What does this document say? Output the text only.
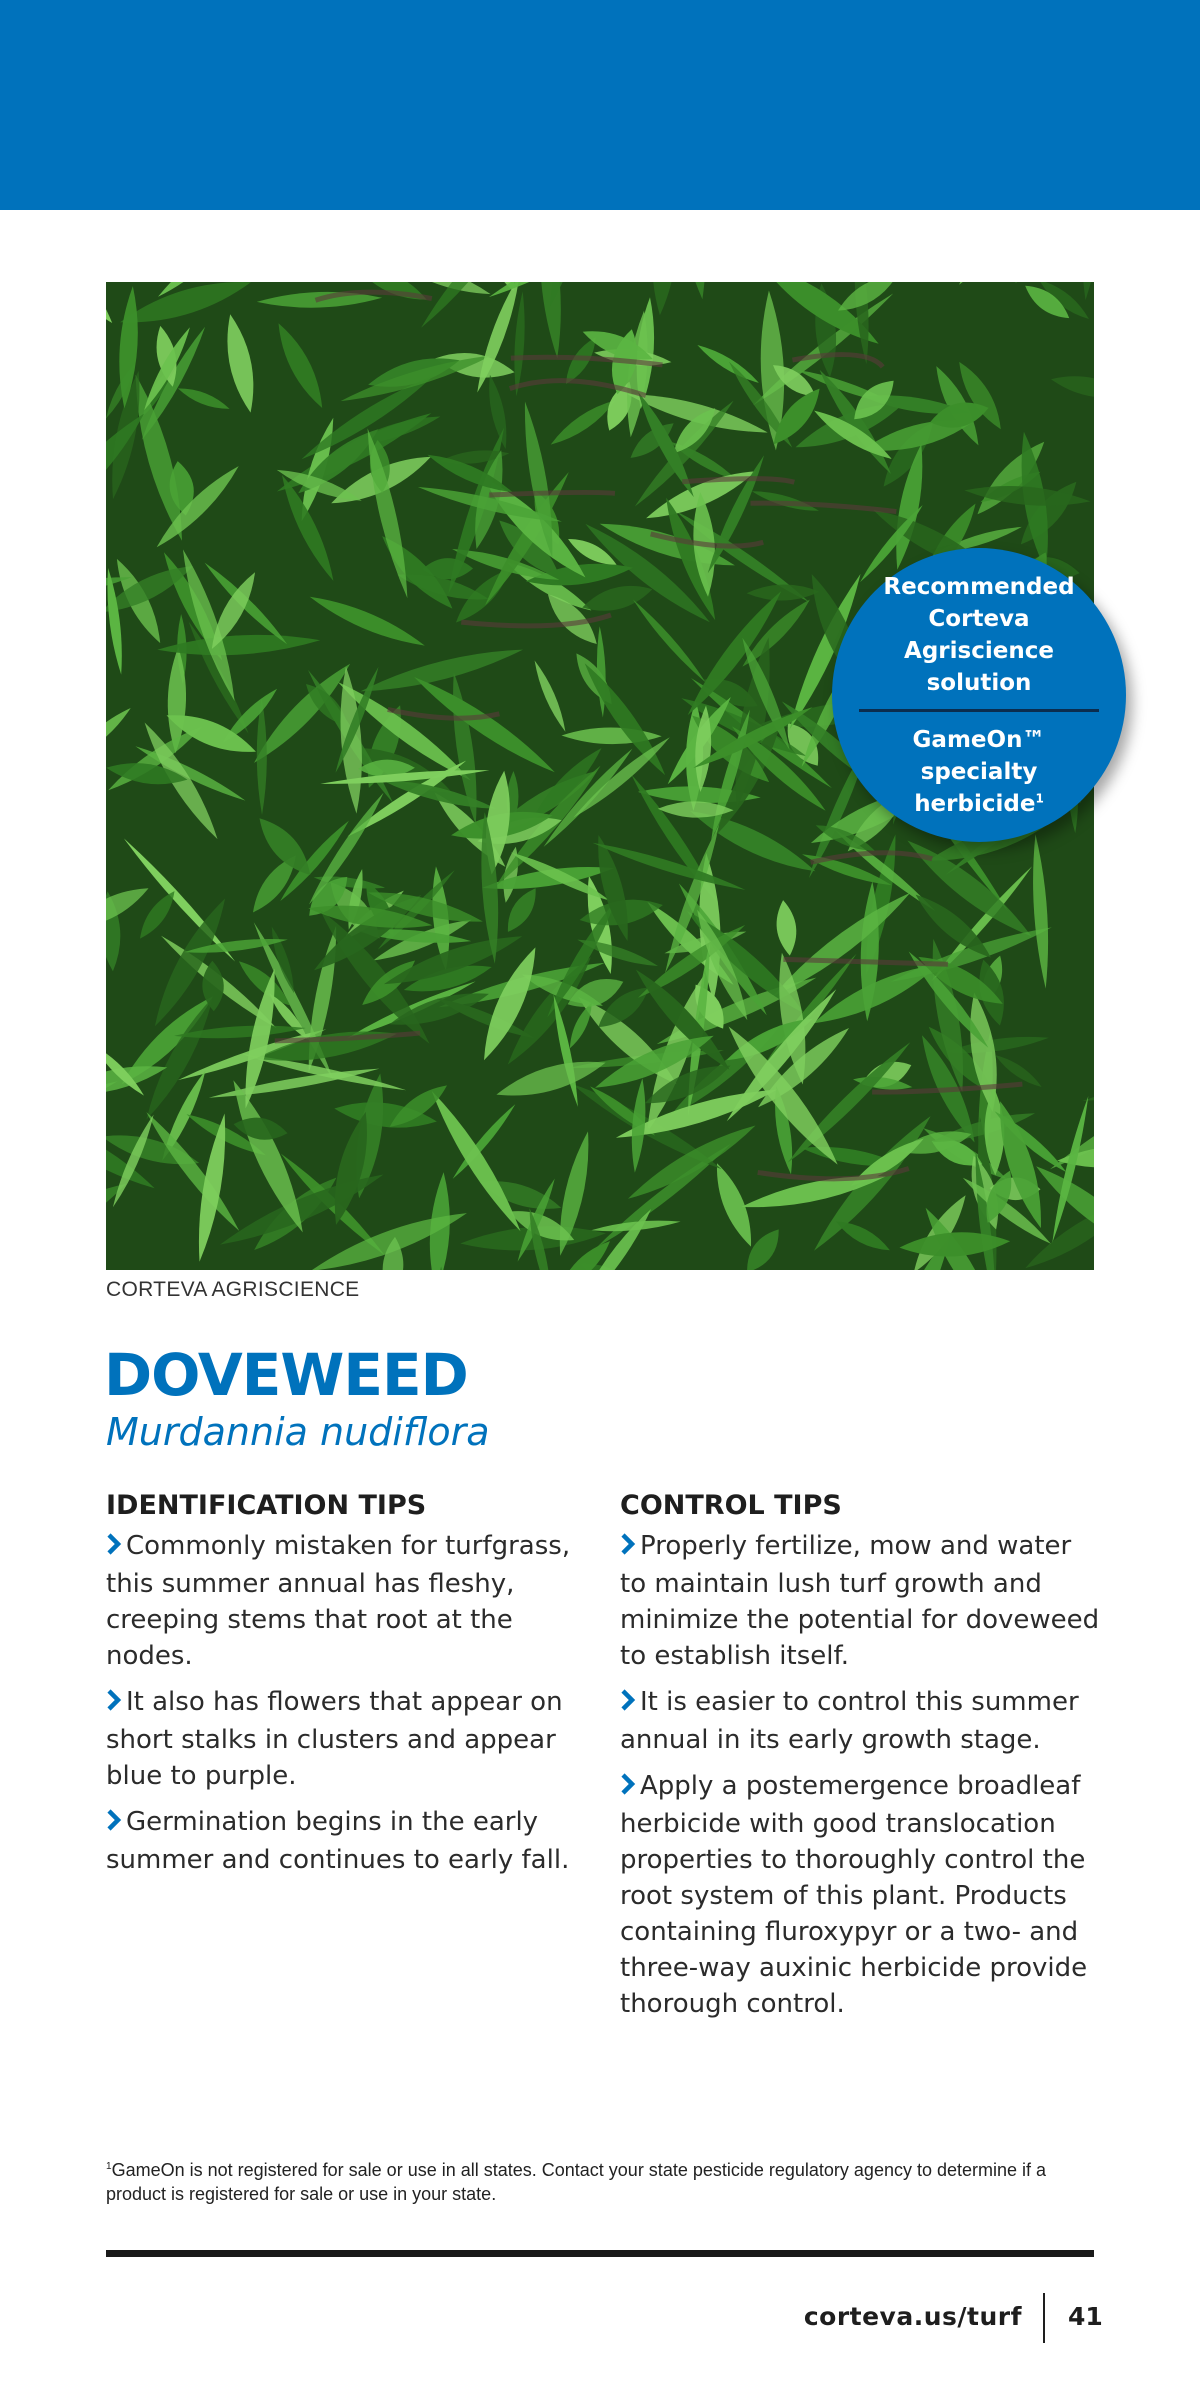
Recommended Corteva Agriscience solution
GameOn™ specialty herbicide$^1$
CORTEVA AGRISCIENCE
DOVEWEED
Murdannia nudiflora
IDENTIFICATION TIPS

Commonly mistaken for turfgrass, this summer annual has fleshy, creeping stems that root at the nodes.

It also has flowers that appear on short stalks in clusters and appear blue to purple.

Germination begins in the early summer and continues to early fall.

CONTROL TIPS

Properly fertilize, mow and water to maintain lush turf growth and minimize the potential for doveweed to establish itself.

It is easier to control this summer annual in its early growth stage.

Apply a postemergence broadleaf herbicide with good translocation properties to thoroughly control the root system of this plant. Products containing fluroxypyr or a two- and three-way auxinic herbicide provide thorough control.

$^1$GameOn is not registered for sale or use in all states. Contact your state pesticide regulatory agency to determine if a product is registered for sale or use in your state.
corteva.us/turf 41
